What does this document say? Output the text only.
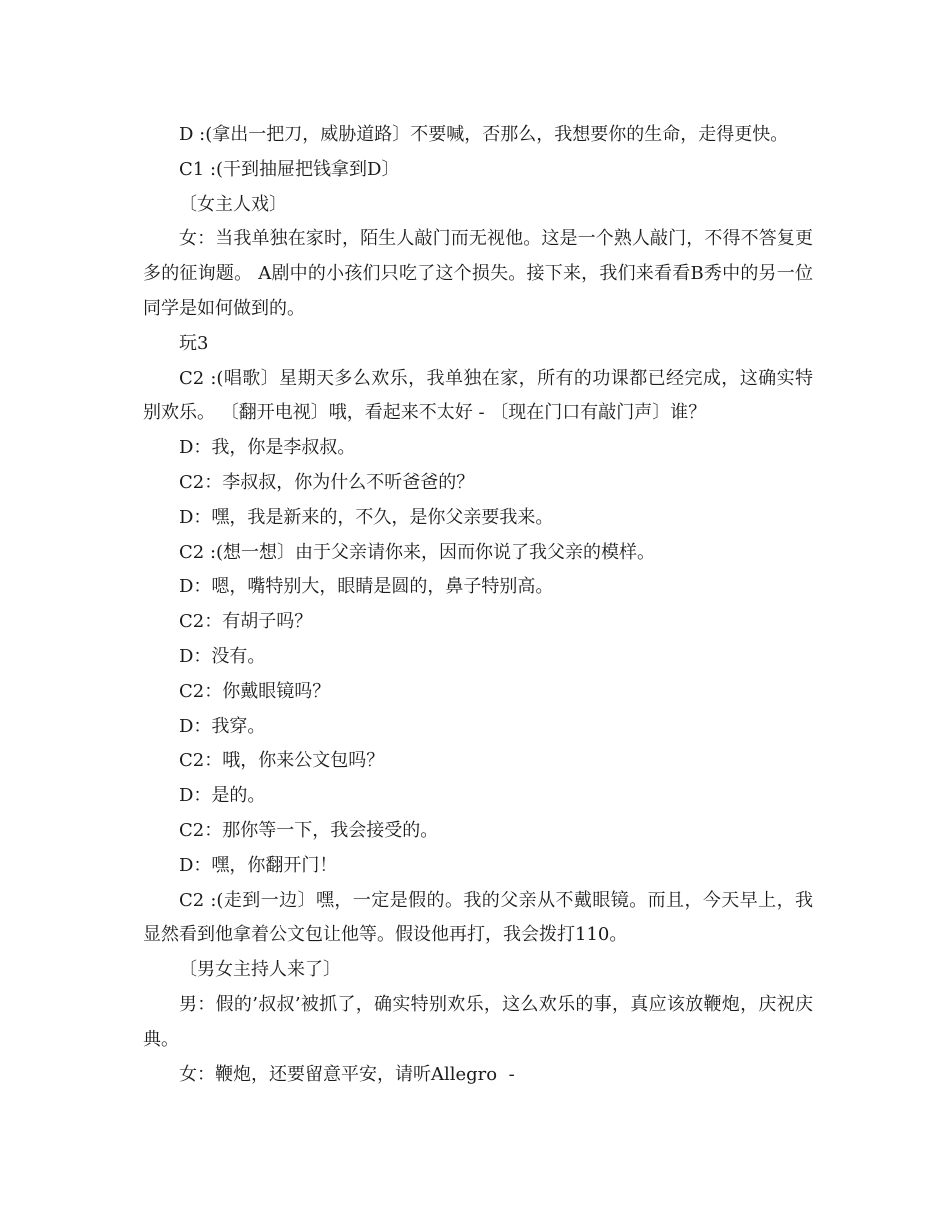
D :(拿出一把刀，威胁道路〕不要喊，否那么，我想要你的生命，走得更快。

C1 :(干到抽屉把钱拿到D〕

〔女主人戏〕

女：当我单独在家时，陌生人敲门而无视他。这是一个熟人敲门，不得不答复更多的征询题。 A剧中的小孩们只吃了这个损失。接下来，我们来看看B秀中的另一位同学是如何做到的。

玩3

C2 :(唱歌〕星期天多么欢乐，我单独在家，所有的功课都已经完成，这确实特别欢乐。 〔翻开电视〕哦，看起来不太好 - 〔现在门口有敲门声〕谁？

D：我，你是李叔叔。

C2：李叔叔，你为什么不听爸爸的？

D：嘿，我是新来的，不久，是你父亲要我来。

C2 :(想一想〕由于父亲请你来，因而你说了我父亲的模样。

D：嗯，嘴特别大，眼睛是圆的，鼻子特别高。

C2：有胡子吗？

D：没有。

C2：你戴眼镜吗？

D：我穿。

C2：哦，你来公文包吗？

D：是的。

C2：那你等一下，我会接受的。

D：嘿，你翻开门！

C2 :(走到一边〕嘿，一定是假的。我的父亲从不戴眼镜。而且，今天早上，我显然看到他拿着公文包让他等。假设他再打，我会拨打110。

〔男女主持人来了〕

男：假的’叔叔’被抓了，确实特别欢乐，这么欢乐的事，真应该放鞭炮，庆祝庆典。

女：鞭炮，还要留意平安，请听Allegro  -
